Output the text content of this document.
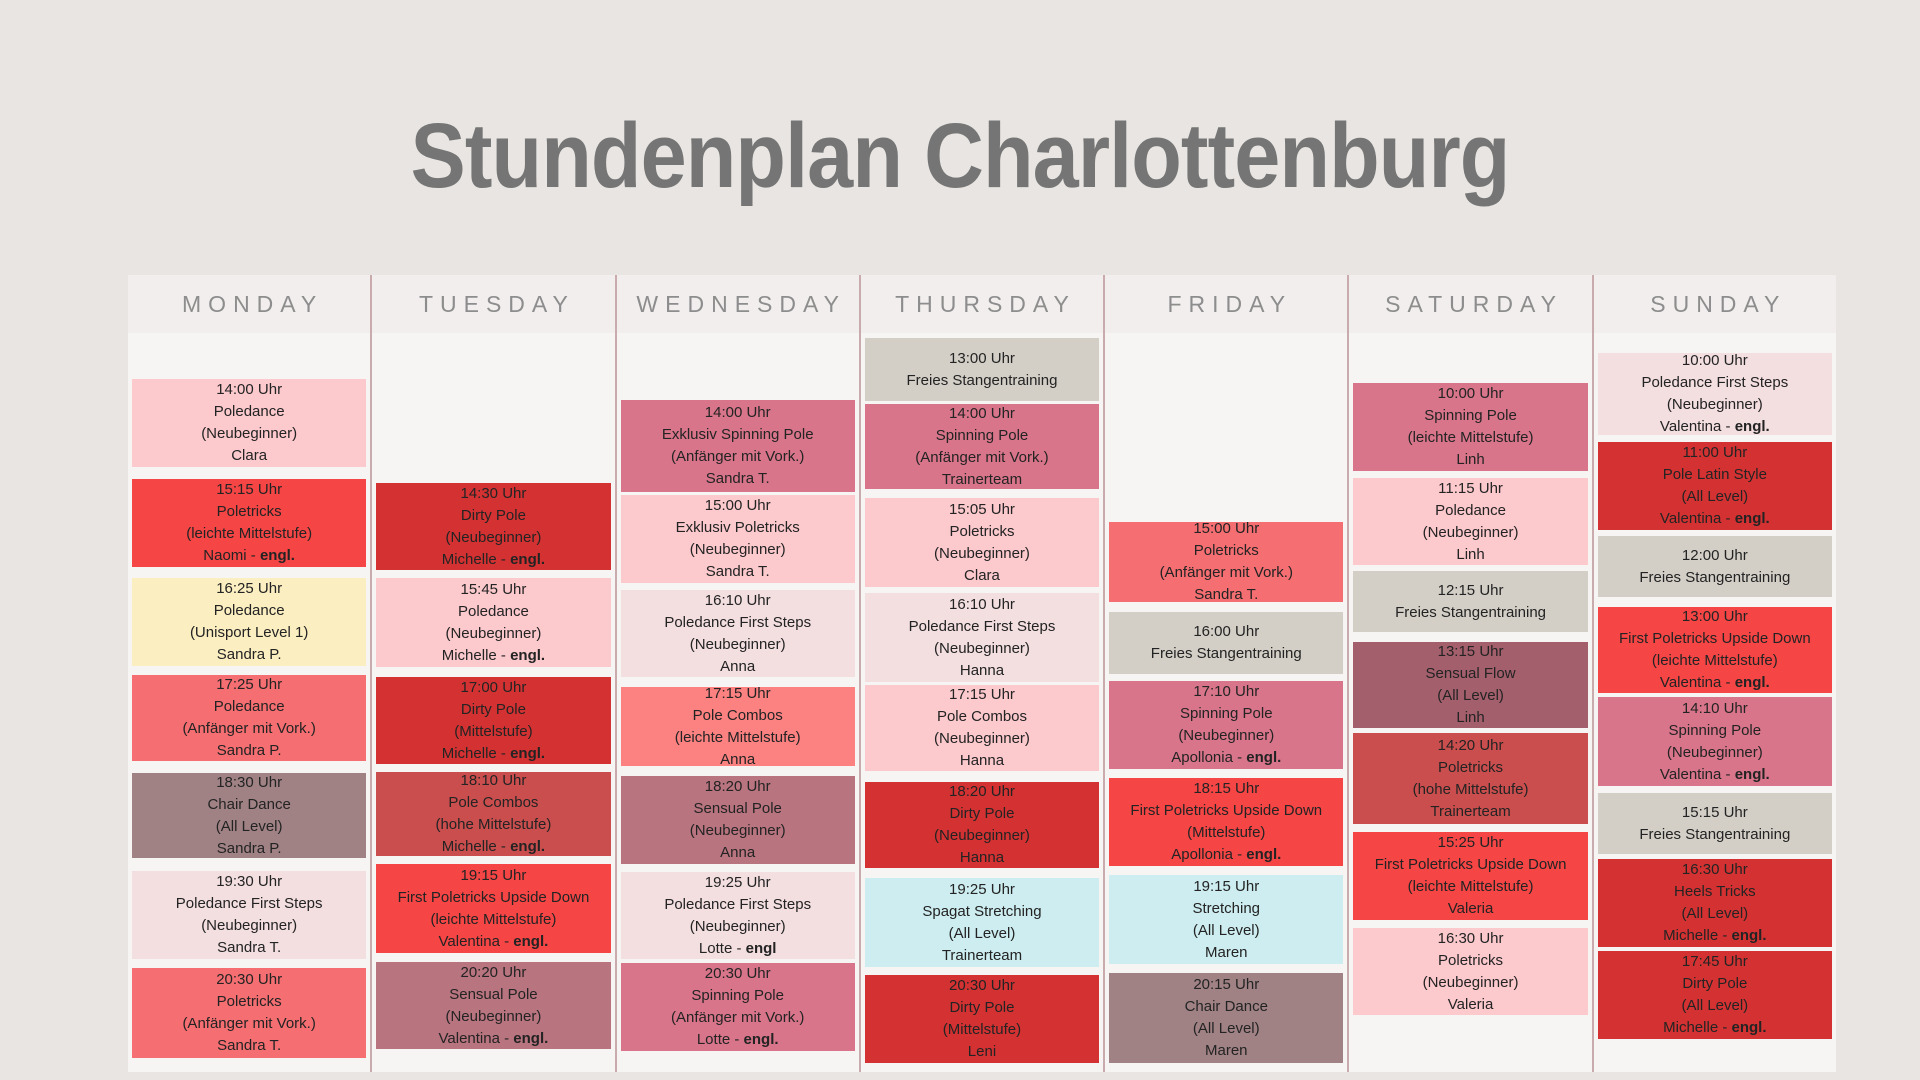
Stundenplan Charlottenburg
MONDAY
14:00 Uhr
Poledance
(Neubeginner)
Clara
15:15 Uhr
Poletricks
(leichte Mittelstufe)
Naomi - engl.
16:25 Uhr
Poledance
(Unisport Level 1)
Sandra P.
17:25 Uhr
Poledance
(Anfänger mit Vork.)
Sandra P.
18:30 Uhr
Chair Dance
(All Level)
Sandra P.
19:30 Uhr
Poledance First Steps
(Neubeginner)
Sandra T.
20:30 Uhr
Poletricks
(Anfänger mit Vork.)
Sandra T.
TUESDAY
14:30 Uhr
Dirty Pole
(Neubeginner)
Michelle - engl.
15:45 Uhr
Poledance
(Neubeginner)
Michelle - engl.
17:00 Uhr
Dirty Pole
(Mittelstufe)
Michelle - engl.
18:10 Uhr
Pole Combos
(hohe Mittelstufe)
Michelle - engl.
19:15 Uhr
First Poletricks Upside Down
(leichte Mittelstufe)
Valentina - engl.
20:20 Uhr
Sensual Pole
(Neubeginner)
Valentina - engl.
WEDNESDAY
14:00 Uhr
Exklusiv Spinning Pole
(Anfänger mit Vork.)
Sandra T.
15:00 Uhr
Exklusiv Poletricks
(Neubeginner)
Sandra T.
16:10 Uhr
Poledance First Steps
(Neubeginner)
Anna
17:15 Uhr
Pole Combos
(leichte Mittelstufe)
Anna
18:20 Uhr
Sensual Pole
(Neubeginner)
Anna
19:25 Uhr
Poledance First Steps
(Neubeginner)
Lotte - engl
20:30 Uhr
Spinning Pole
(Anfänger mit Vork.)
Lotte - engl.
THURSDAY
13:00 Uhr
Freies Stangentraining
14:00 Uhr
Spinning Pole
(Anfänger mit Vork.)
Trainerteam
15:05 Uhr
Poletricks
(Neubeginner)
Clara
16:10 Uhr
Poledance First Steps
(Neubeginner)
Hanna
17:15 Uhr
Pole Combos
(Neubeginner)
Hanna
18:20 Uhr
Dirty Pole
(Neubeginner)
Hanna
19:25 Uhr
Spagat Stretching
(All Level)
Trainerteam
20:30 Uhr
Dirty Pole
(Mittelstufe)
Leni
FRIDAY
15:00 Uhr
Poletricks
(Anfänger mit Vork.)
Sandra T.
16:00 Uhr
Freies Stangentraining
17:10 Uhr
Spinning Pole
(Neubeginner)
Apollonia - engl.
18:15 Uhr
First Poletricks Upside Down
(Mittelstufe)
Apollonia - engl.
19:15 Uhr
Stretching
(All Level)
Maren
20:15 Uhr
Chair Dance
(All Level)
Maren
SATURDAY
10:00 Uhr
Spinning Pole
(leichte Mittelstufe)
Linh
11:15 Uhr
Poledance
(Neubeginner)
Linh
12:15 Uhr
Freies Stangentraining
13:15 Uhr
Sensual Flow
(All Level)
Linh
14:20 Uhr
Poletricks
(hohe Mittelstufe)
Trainerteam
15:25 Uhr
First Poletricks Upside Down
(leichte Mittelstufe)
Valeria
16:30 Uhr
Poletricks
(Neubeginner)
Valeria
SUNDAY
10:00 Uhr
Poledance First Steps
(Neubeginner)
Valentina - engl.
11:00 Uhr
Pole Latin Style
(All Level)
Valentina - engl.
12:00 Uhr
Freies Stangentraining
13:00 Uhr
First Poletricks Upside Down
(leichte Mittelstufe)
Valentina - engl.
14:10 Uhr
Spinning Pole
(Neubeginner)
Valentina - engl.
15:15 Uhr
Freies Stangentraining
16:30 Uhr
Heels Tricks
(All Level)
Michelle - engl.
17:45 Uhr
Dirty Pole
(All Level)
Michelle - engl.
